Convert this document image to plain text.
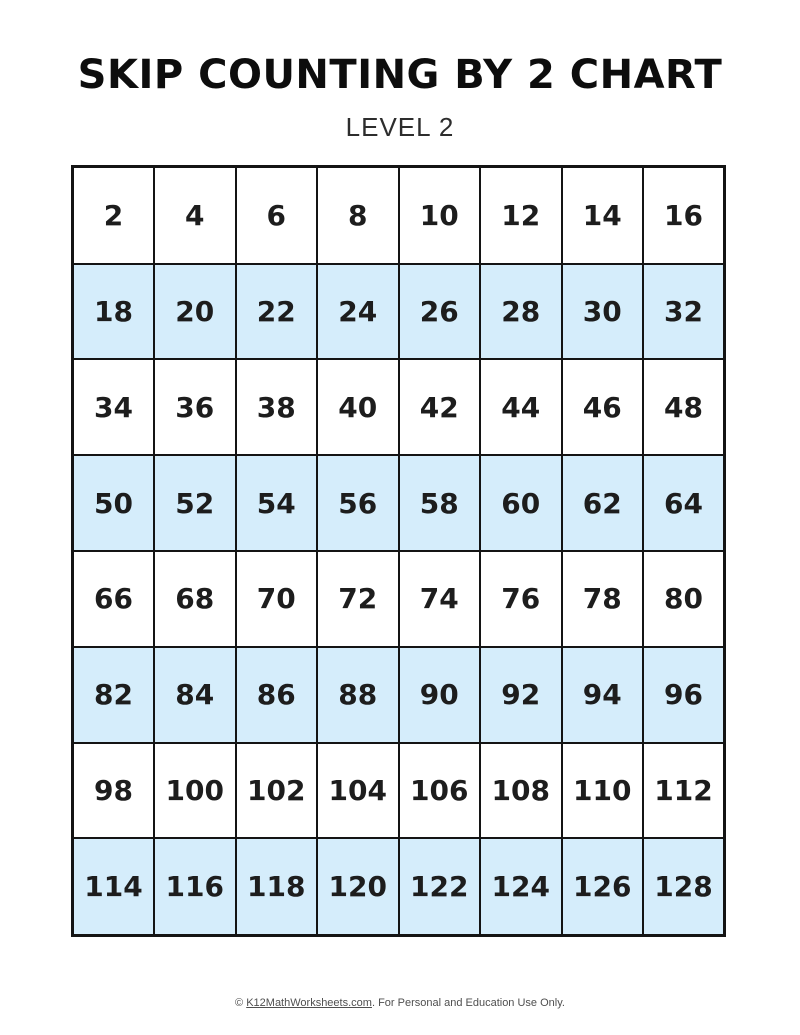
SKIP COUNTING BY 2 CHART
LEVEL 2
2	4	6	8	10	12	14	16
18	20	22	24	26	28	30	32
34	36	38	40	42	44	46	48
50	52	54	56	58	60	62	64
66	68	70	72	74	76	78	80
82	84	86	88	90	92	94	96
98	100	102	104	106	108	110	112
114	116	118	120	122	124	126	128
© K12MathWorksheets.com. For Personal and Education Use Only.
